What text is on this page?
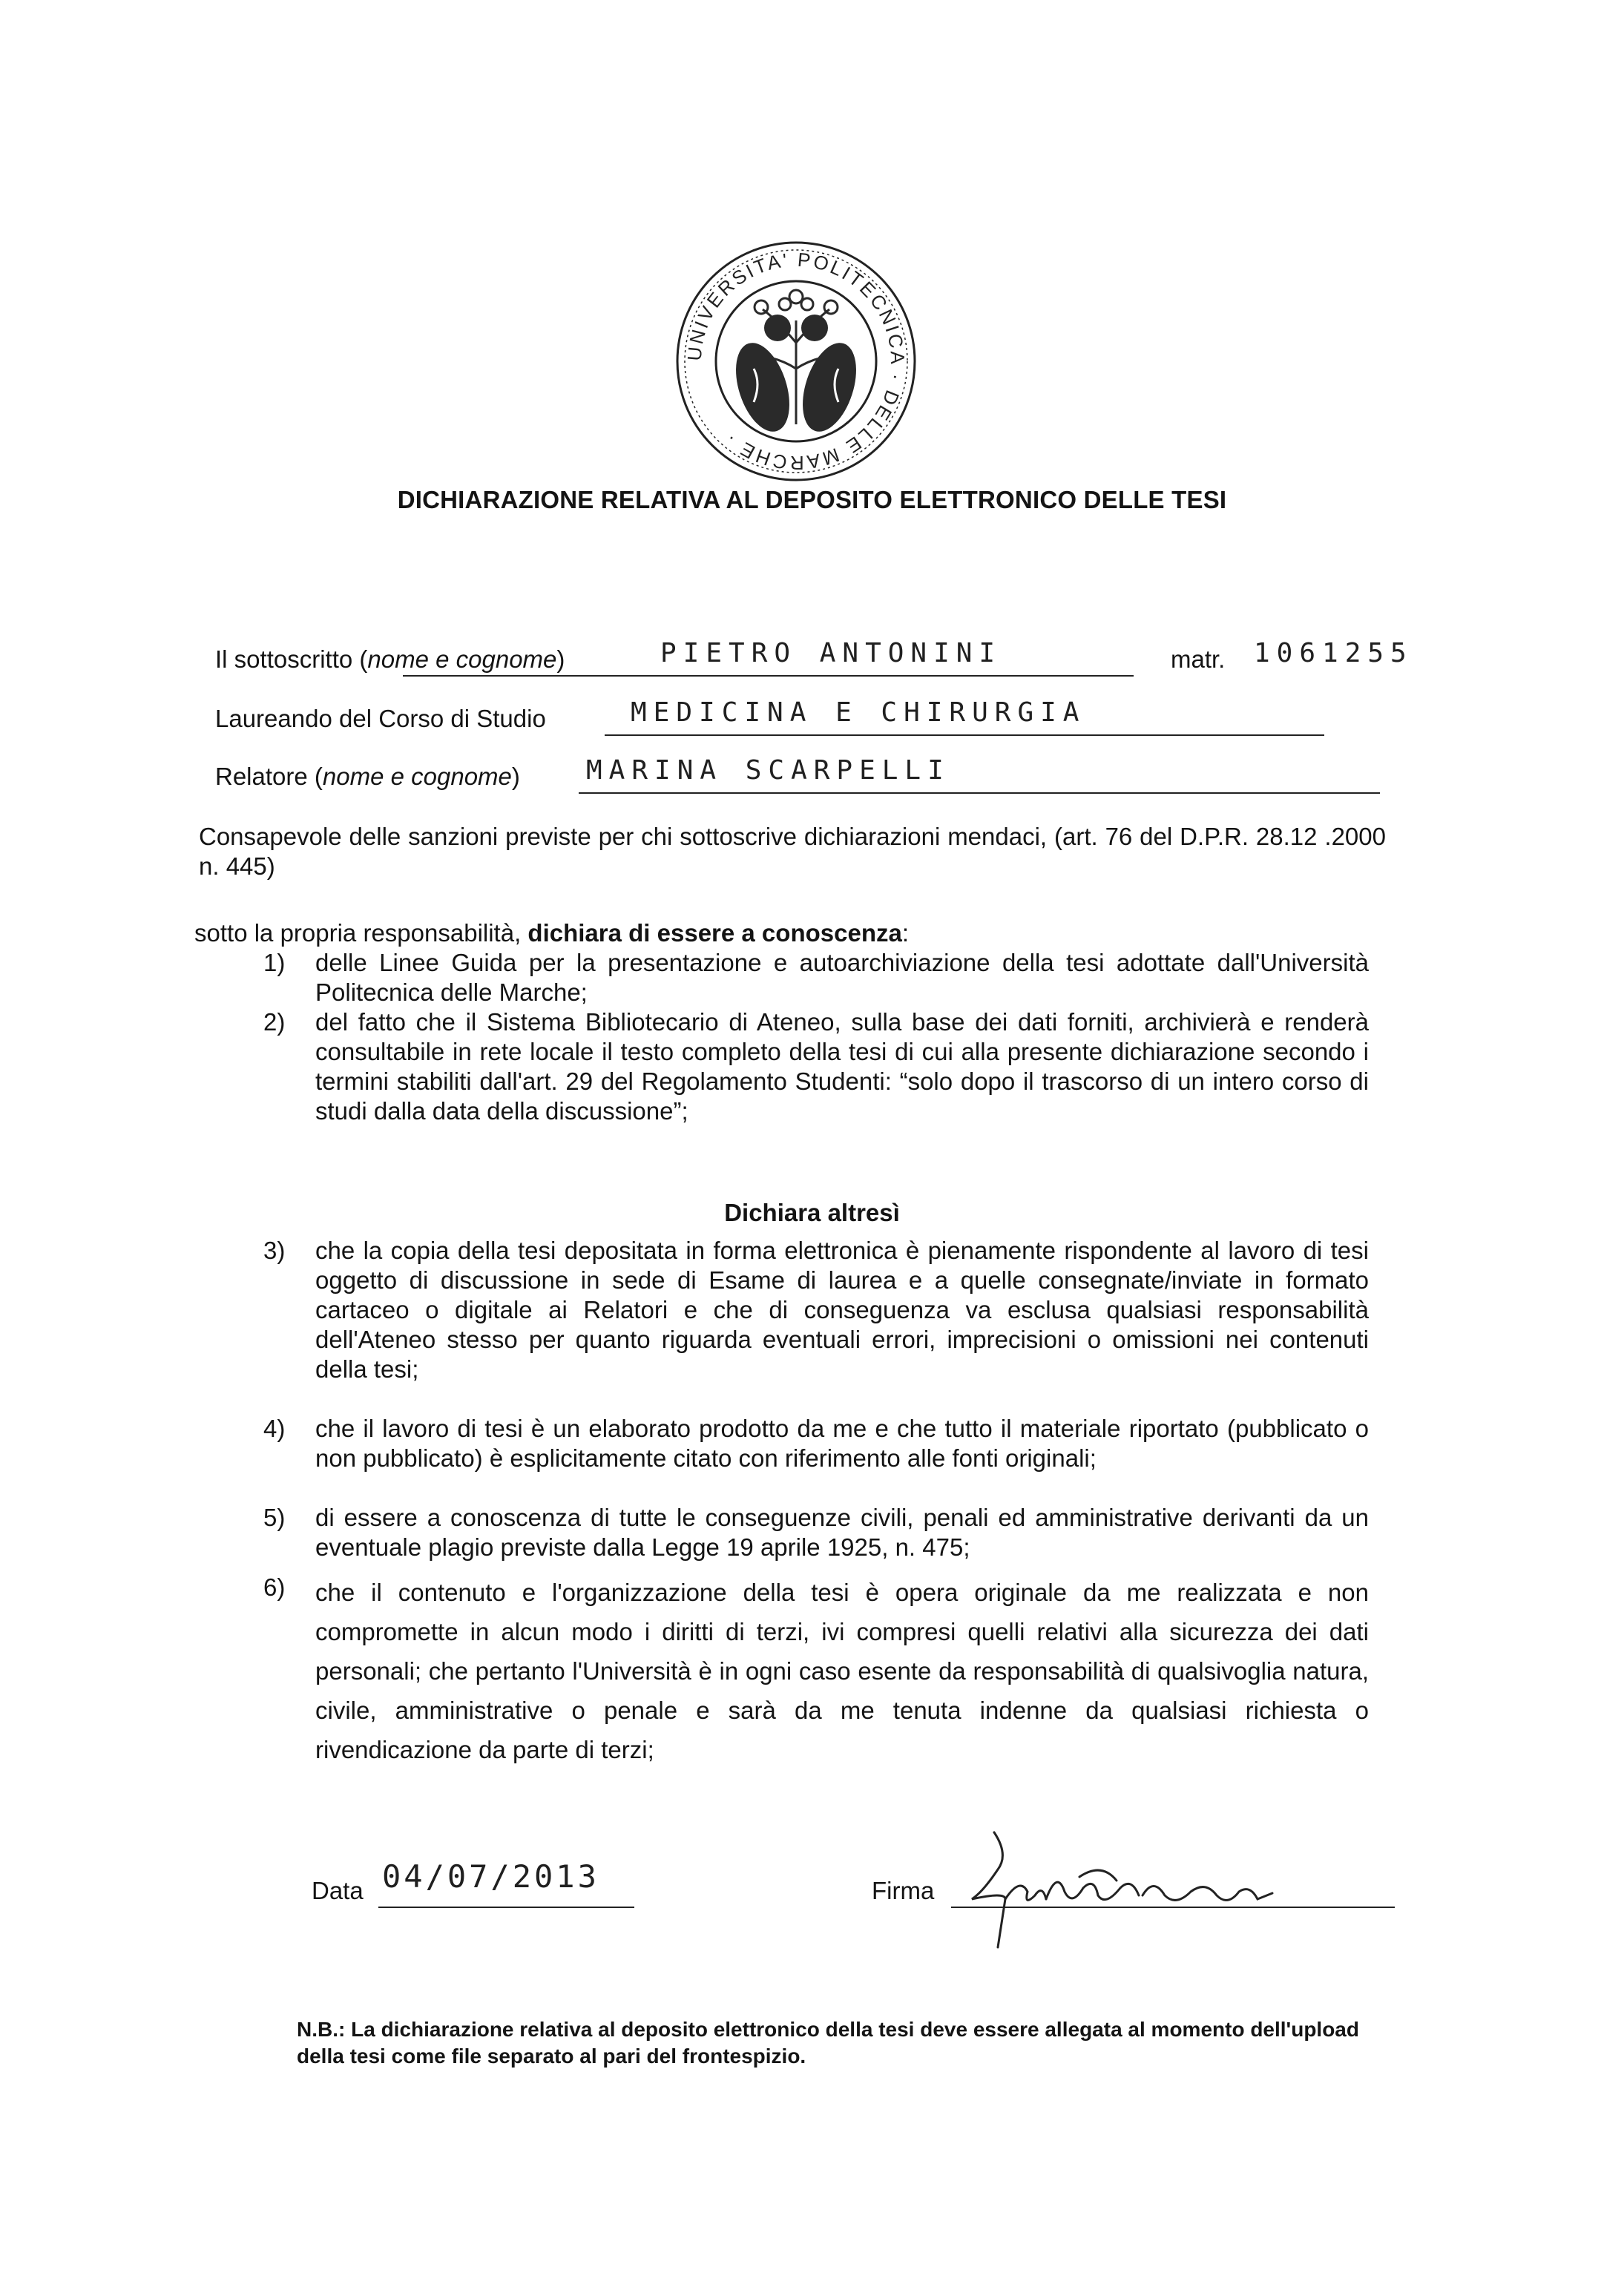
UNIVERSITA' POLITECNICA · DELLE MARCHE ·
DICHIARAZIONE RELATIVA AL DEPOSITO ELETTRONICO DELLE TESI
Il sottoscritto (nome e cognome)	PIETRO ANTONINI	matr. 1061255
Laureando del Corso di Studio	MEDICINA E CHIRURGIA
Relatore (nome e cognome) MARINA SCARPELLI
Consapevole delle sanzioni previste per chi sottoscrive dichiarazioni mendaci, (art. 76 del D.P.R. 28.12 .2000 n. 445)
sotto la propria responsabilità, dichiara di essere a conoscenza:
1) delle Linee Guida per la presentazione e autoarchiviazione della tesi adottate dall'Università Politecnica delle Marche;
2) del fatto che il Sistema Bibliotecario di Ateneo, sulla base dei dati forniti, archivierà e renderà consultabile in rete locale il testo completo della tesi di cui alla presente dichiarazione secondo i termini stabiliti dall'art. 29 del Regolamento Studenti: “solo dopo il trascorso di un intero corso di studi dalla data della discussione”;
Dichiara altresì
3) che la copia della tesi depositata in forma elettronica è pienamente rispondente al lavoro di tesi oggetto di discussione in sede di Esame di laurea e a quelle consegnate/inviate in formato cartaceo o digitale ai Relatori e che di conseguenza va esclusa qualsiasi responsabilità dell'Ateneo stesso per quanto riguarda eventuali errori, imprecisioni o omissioni nei contenuti della tesi;
4) che il lavoro di tesi è un elaborato prodotto da me e che tutto il materiale riportato (pubblicato o non pubblicato) è esplicitamente citato con riferimento alle fonti originali;
5) di essere a conoscenza di tutte le conseguenze civili, penali ed amministrative derivanti da un eventuale plagio previste dalla Legge 19 aprile 1925, n. 475;
6) che il contenuto e l'organizzazione della tesi è opera originale da me realizzata e non compromette in alcun modo i diritti di terzi, ivi compresi quelli relativi alla sicurezza dei dati personali; che pertanto l'Università è in ogni caso esente da responsabilità di qualsivoglia natura, civile, amministrative o penale e sarà da me tenuta indenne da qualsiasi richiesta o rivendicazione da parte di terzi;
Data 04/07/2013	Firma
N.B.: La dichiarazione relativa al deposito elettronico della tesi deve essere allegata al momento dell'upload della tesi come file separato al pari del frontespizio.
